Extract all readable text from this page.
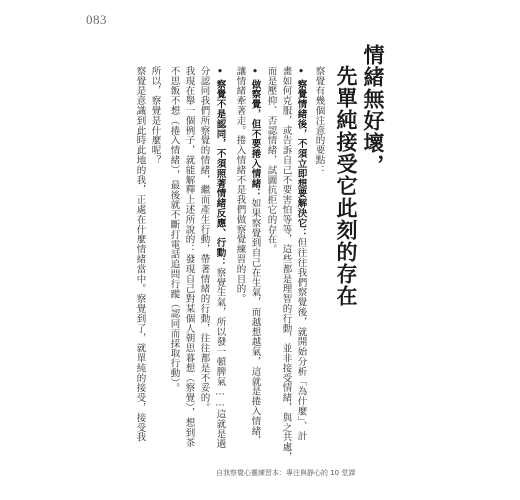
083
情緒無好壞，
先單純接受它此刻的存在
察覺有幾個注意的要點：
•察覺情緒後，不須立即想要解決它：但往往我們察覺後，就開始分析「為什麼」、計
畫如何克服，或告訴自己不要害怕等等，這些都是理智的行動，並非接受情緒，與之共處，
而是壓抑、否認情緒，試圖抗拒它的存在。
•做察覺，但不要捲入情緒：如果察覺到自己在生氣，而越想越氣，這就是捲入情緒，
讓情緒牽著走。捲入情緒不是我們做察覺練習的目的。
•察覺不是認同，不須照著情緒反應、行動：察覺生氣，所以發一頓脾氣……這就是過
分認同我們所察覺的情緒，繼而產生行動，帶著情緒的行動，往往都是不妥的。
我現在舉一個例子，就能解釋上述所說的：發現自己對某個人朝思暮想（察覺），想到茶
不思飯不想（捲入情緒），最後就不斷打電話追問行蹤（認同而採取行動）。
所以，察覺是什麼呢？
察覺是意識到此時此地的我，正處在什麼情緒當中。察覺到了，就單純的接受，接受我
自我察覺心靈練習本：專注與靜心的 10 堂課
